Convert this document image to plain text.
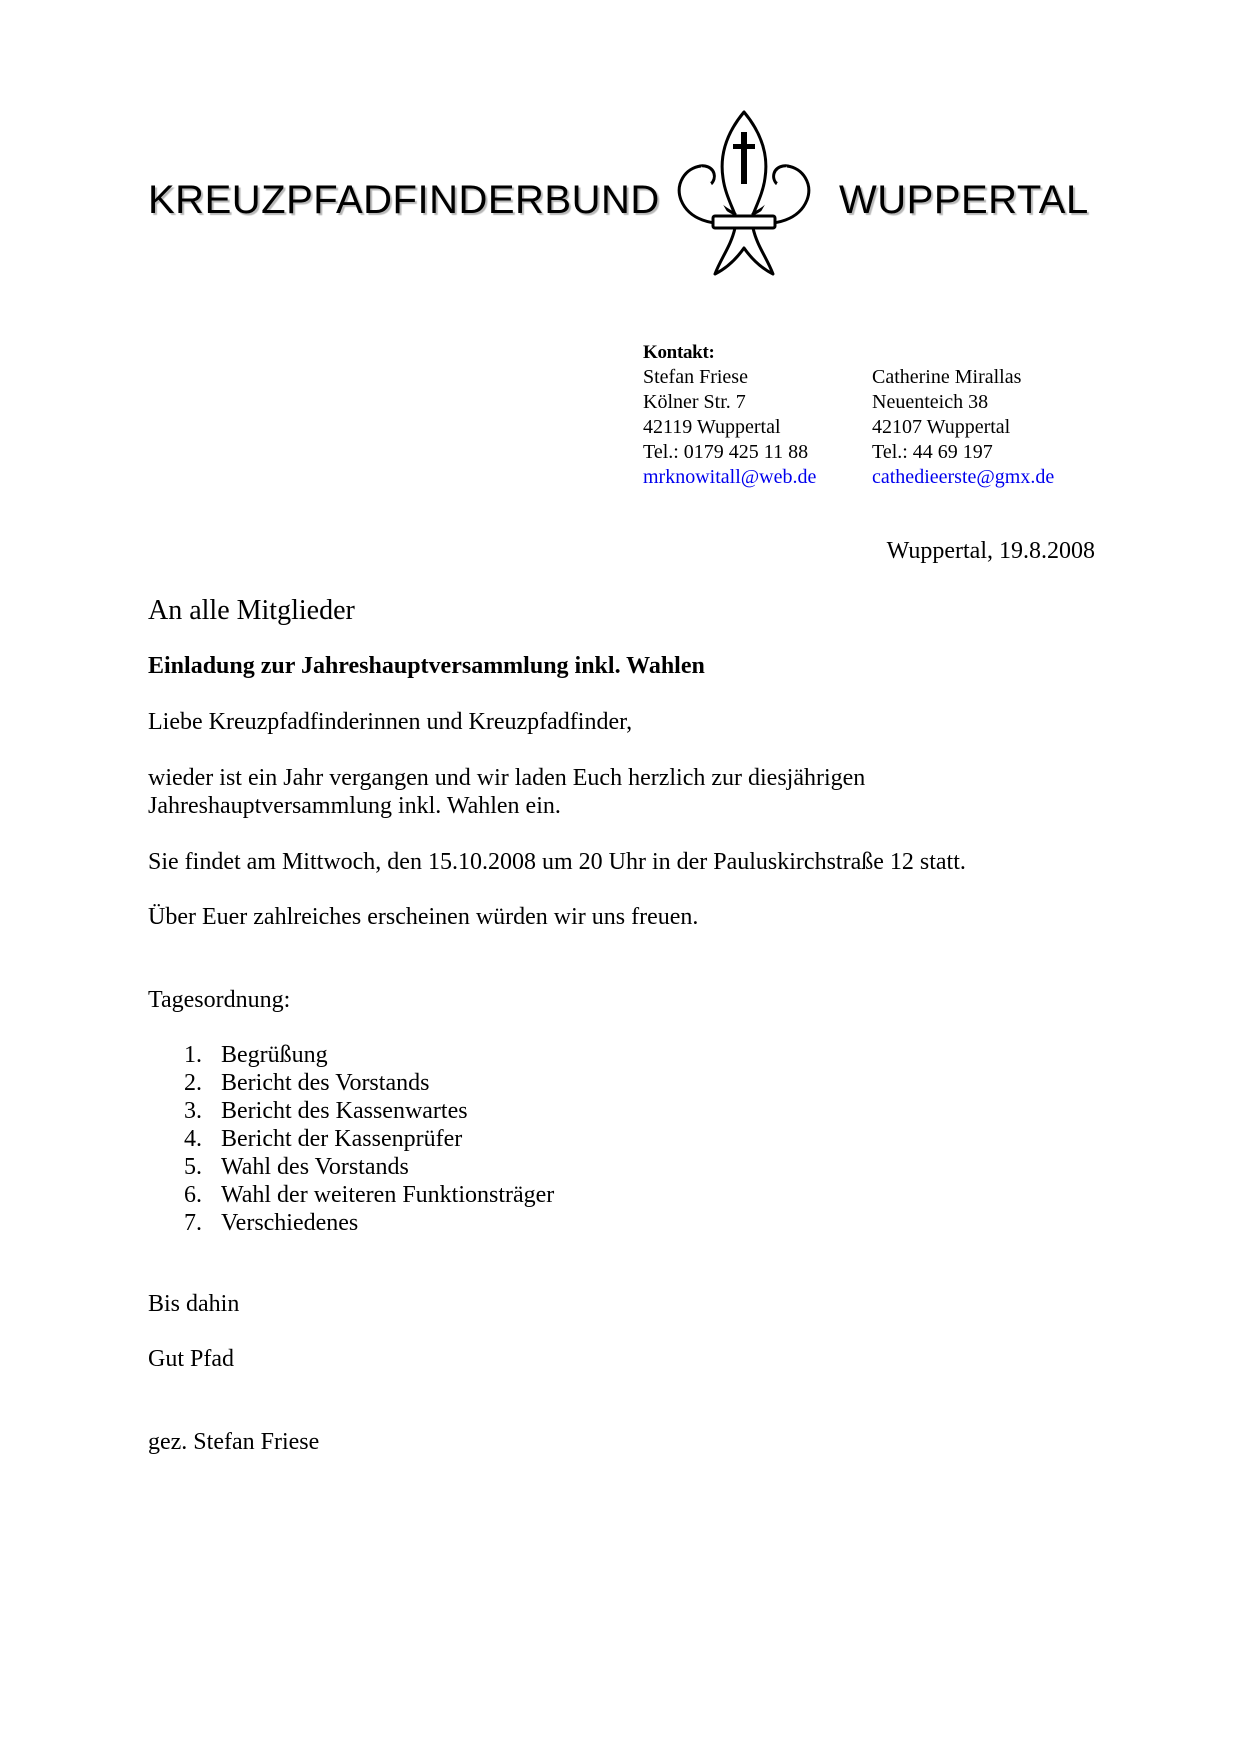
KREUZPFADFINDERBUND	WUPPERTAL
Kontakt:
Stefan Friese
Kölner Str. 7
42119 Wuppertal
Tel.: 0179 425 11 88
mrknowitall@web.de
Catherine Mirallas
Neuenteich 38
42107 Wuppertal
Tel.: 44 69 197
cathedieerste@gmx.de
Wuppertal, 19.8.2008
An alle Mitglieder
Einladung zur Jahreshauptversammlung inkl. Wahlen
Liebe Kreuzpfadfinderinnen und Kreuzpfadfinder,
wieder ist ein Jahr vergangen und wir laden Euch herzlich zur diesjährigen Jahreshauptversammlung inkl. Wahlen ein.
Sie findet am Mittwoch, den 15.10.2008 um 20 Uhr in der Pauluskirchstraße 12 statt.
Über Euer zahlreiches erscheinen würden wir uns freuen.
Tagesordnung:
1. Begrüßung
2. Bericht des Vorstands
3. Bericht des Kassenwartes
4. Bericht der Kassenprüfer
5. Wahl des Vorstands
6. Wahl der weiteren Funktionsträger
7. Verschiedenes
Bis dahin
Gut Pfad
gez. Stefan Friese
